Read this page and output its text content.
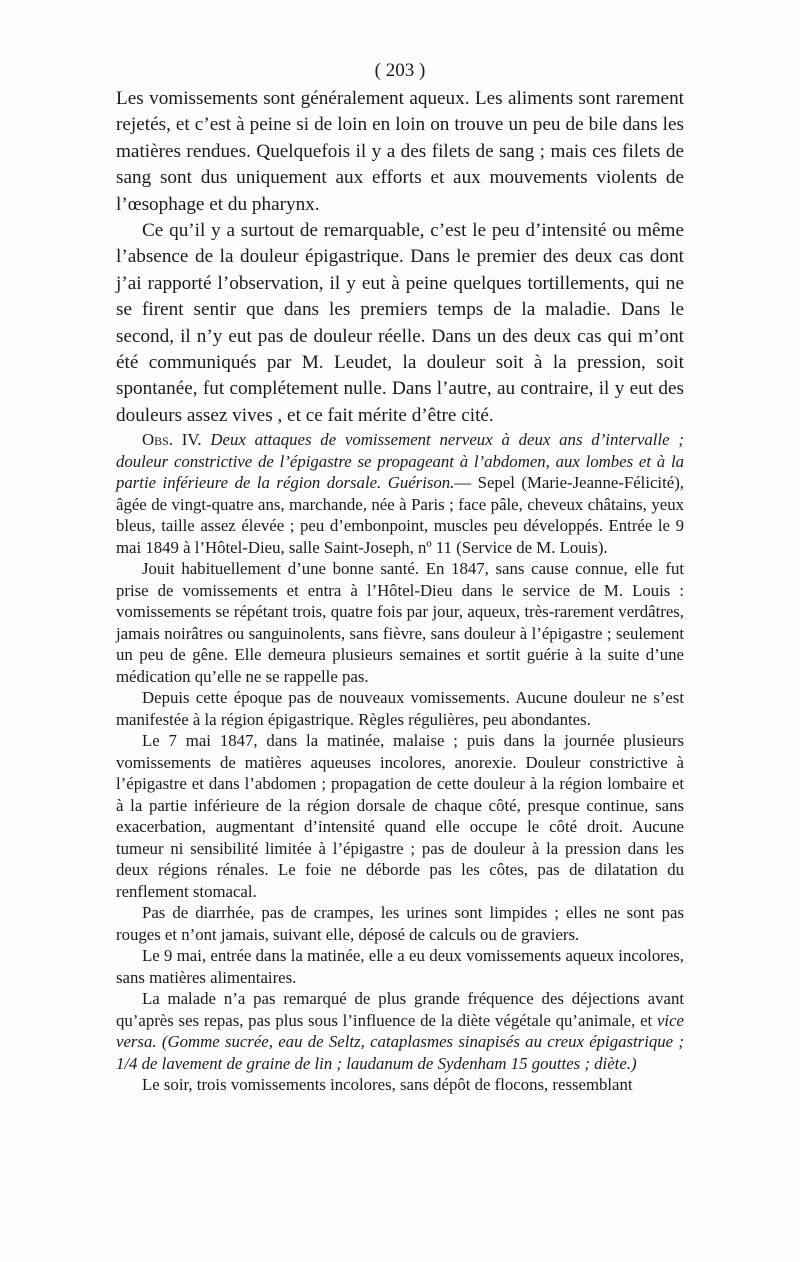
( 203 )

Les vomissements sont généralement aqueux. Les aliments sont rarement rejetés, et c’est à peine si de loin en loin on trouve un peu de bile dans les matières rendues. Quelquefois il y a des filets de sang ; mais ces filets de sang sont dus uniquement aux efforts et aux mouvements violents de l’œsophage et du pharynx.

Ce qu’il y a surtout de remarquable, c’est le peu d’intensité ou même l’absence de la douleur épigastrique. Dans le premier des deux cas dont j’ai rapporté l’observation, il y eut à peine quelques tortillements, qui ne se firent sentir que dans les premiers temps de la maladie. Dans le second, il n’y eut pas de douleur réelle. Dans un des deux cas qui m’ont été communiqués par M. Leudet, la douleur soit à la pression, soit spontanée, fut complétement nulle. Dans l’autre, au contraire, il y eut des douleurs assez vives , et ce fait mérite d’être cité.

Obs. IV. Deux attaques de vomissement nerveux à deux ans d’intervalle ; douleur constrictive de l’épigastre se propageant à l’abdomen, aux lombes et à la partie inférieure de la région dorsale. Guérison.— Sepel (Marie-Jeanne-Félicité), âgée de vingt-quatre ans, marchande, née à Paris ; face pâle, cheveux châtains, yeux bleus, taille assez élevée ; peu d’embonpoint, muscles peu développés. Entrée le 9 mai 1849 à l’Hôtel-Dieu, salle Saint-Joseph, nº 11 (Service de M. Louis).

Jouit habituellement d’une bonne santé. En 1847, sans cause connue, elle fut prise de vomissements et entra à l’Hôtel-Dieu dans le service de M. Louis : vomissements se répétant trois, quatre fois par jour, aqueux, très-rarement verdâtres, jamais noirâtres ou sanguinolents, sans fièvre, sans douleur à l’épigastre ; seulement un peu de gêne. Elle demeura plusieurs semaines et sortit guérie à la suite d’une médication qu’elle ne se rappelle pas.

Depuis cette époque pas de nouveaux vomissements. Aucune douleur ne s’est manifestée à la région épigastrique. Règles régulières, peu abondantes.

Le 7 mai 1847, dans la matinée, malaise ; puis dans la journée plusieurs vomissements de matières aqueuses incolores, anorexie. Douleur constrictive à l’épigastre et dans l’abdomen ; propagation de cette douleur à la région lombaire et à la partie inférieure de la région dorsale de chaque côté, presque continue, sans exacerbation, augmentant d’intensité quand elle occupe le côté droit. Aucune tumeur ni sensibilité limitée à l’épigastre ; pas de douleur à la pression dans les deux régions rénales. Le foie ne déborde pas les côtes, pas de dilatation du renflement stomacal.

Pas de diarrhée, pas de crampes, les urines sont limpides ; elles ne sont pas rouges et n’ont jamais, suivant elle, déposé de calculs ou de graviers.

Le 9 mai, entrée dans la matinée, elle a eu deux vomissements aqueux incolores, sans matières alimentaires.

La malade n’a pas remarqué de plus grande fréquence des déjections avant qu’après ses repas, pas plus sous l’influence de la diète végétale qu’animale, et vice versa. (Gomme sucrée, eau de Seltz, cataplasmes sinapisés au creux épigastrique ; 1/4 de lavement de graine de lin ; laudanum de Sydenham 15 gouttes ; diète.)

Le soir, trois vomissements incolores, sans dépôt de flocons, ressemblant
